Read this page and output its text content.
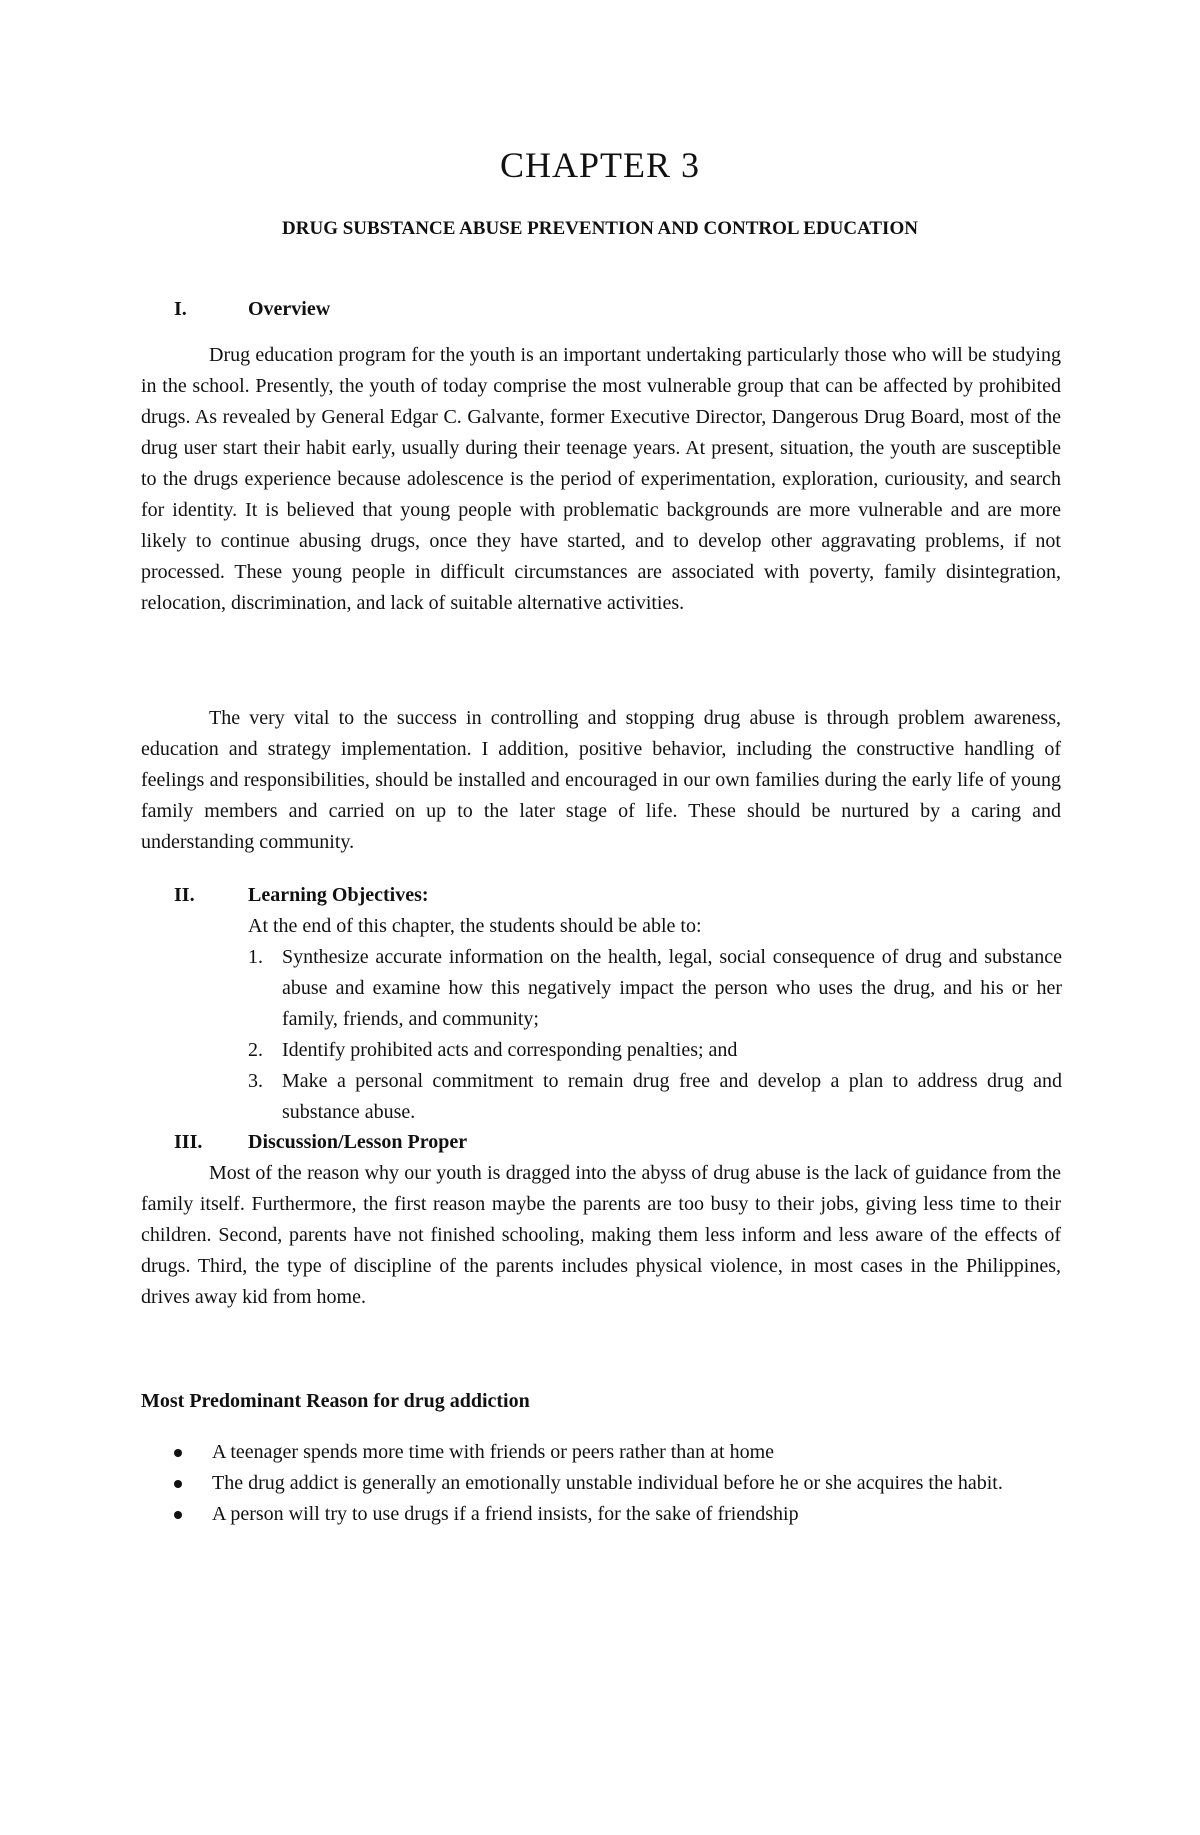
CHAPTER 3
DRUG SUBSTANCE ABUSE PREVENTION AND CONTROL EDUCATION
I.	Overview

Drug education program for the youth is an important undertaking particularly those who will be studying in the school. Presently, the youth of today comprise the most vulnerable group that can be affected by prohibited drugs. As revealed by General Edgar C. Galvante, former Executive Director, Dangerous Drug Board, most of the drug user start their habit early, usually during their teenage years. At present, situation, the youth are susceptible to the drugs experience because adolescence is the period of experimentation, exploration, curiousity, and search for identity. It is believed that young people with problematic backgrounds are more vulnerable and are more likely to continue abusing drugs, once they have started, and to develop other aggravating problems, if not processed. These young people in difficult circumstances are associated with poverty, family disintegration, relocation, discrimination, and lack of suitable alternative activities.

The very vital to the success in controlling and stopping drug abuse is through problem awareness, education and strategy implementation. I addition, positive behavior, including the constructive handling of feelings and responsibilities, should be installed and encouraged in our own families during the early life of young family members and carried on up to the later stage of life. These should be nurtured by a caring and understanding community.

II.	Learning Objectives:
At the end of this chapter, the students should be able to:
1. Synthesize accurate information on the health, legal, social consequence of drug and substance abuse and examine how this negatively impact the person who uses the drug, and his or her family, friends, and community;
2. Identify prohibited acts and corresponding penalties; and
3. Make a personal commitment to remain drug free and develop a plan to address drug and substance abuse.
III.	Discussion/Lesson Proper

Most of the reason why our youth is dragged into the abyss of drug abuse is the lack of guidance from the family itself. Furthermore, the first reason maybe the parents are too busy to their jobs, giving less time to their children. Second, parents have not finished schooling, making them less inform and less aware of the effects of drugs. Third, the type of discipline of the parents includes physical violence, in most cases in the Philippines, drives away kid from home.

Most Predominant Reason for drug addiction
A teenager spends more time with friends or peers rather than at home
The drug addict is generally an emotionally unstable individual before he or she acquires the habit.
A person will try to use drugs if a friend insists, for the sake of friendship
